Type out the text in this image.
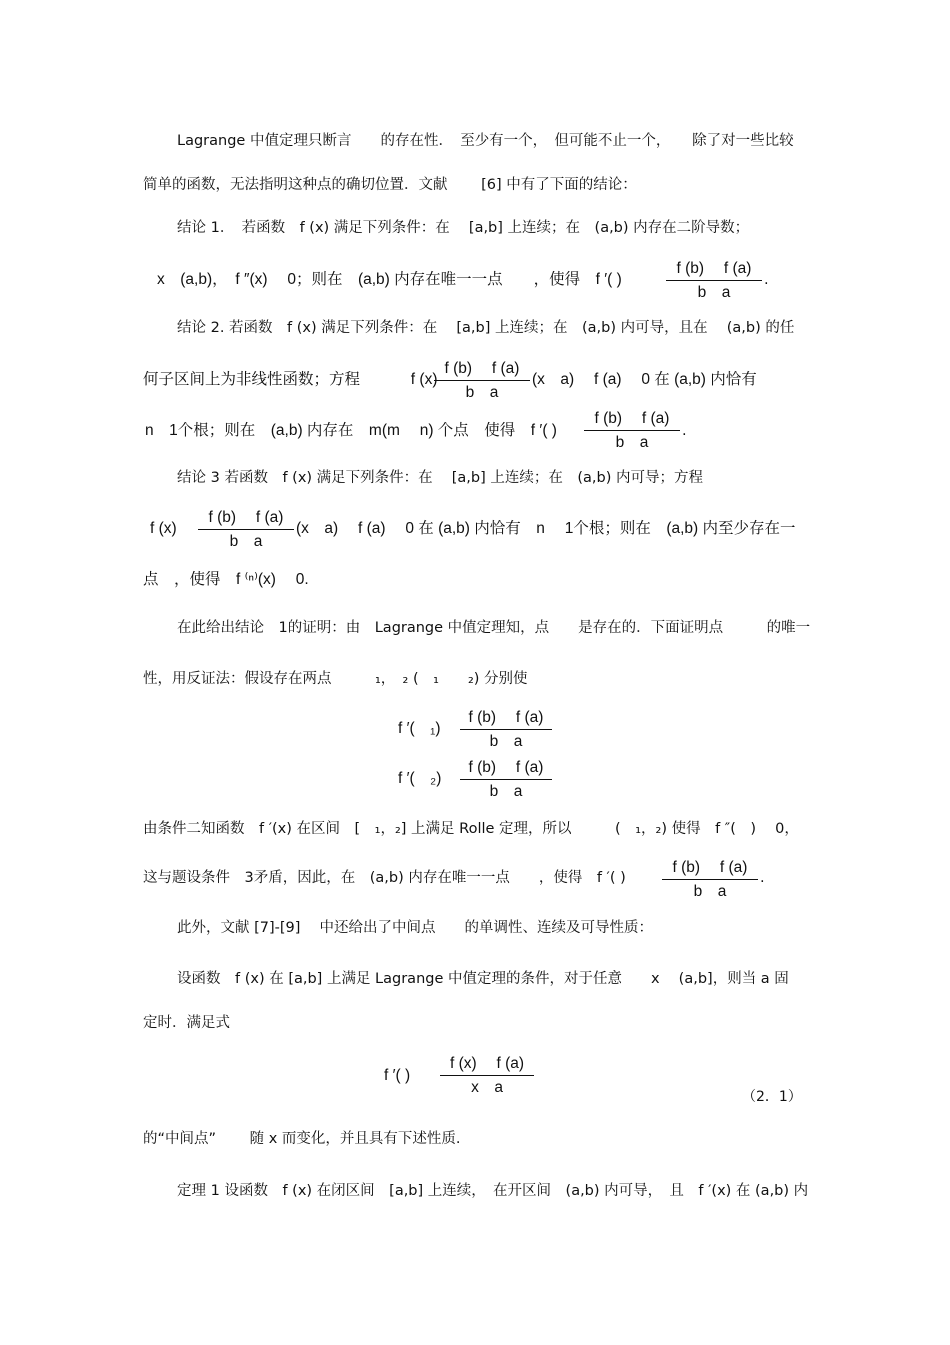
Lagrange 中值定理只断言　　的存在性．　至少有一个，　但可能不止一个，　　除了对一些比较
简单的函数，无法指明这种点的确切位置．文献　　 [6] 中有了下面的结论：
结论 1．　若函数　f (x) 满足下列条件：在　 [a,b] 上连续；在　(a,b) 内存在二阶导数；
x　(a,b)，　f ″(x)　 0；则在　(a,b) 内存在唯一一点　　，使得　f ′( )	$\frac{f (b) f (a)}{\text{b　a}}$ .
结论 2. 若函数　f (x) 满足下列条件：在　 [a,b] 上连续；在　(a,b) 内可导，且在　 (a,b) 的任
何子区间上为非线性函数；方程　　　 f (x)
$\frac{f (b) f (a)}{\text{b　a}} (x$　a)　 f (a)　 0 在 (a,b) 内恰有
n　1个根；则在　(a,b) 内存在　m(m　 n) 个点　使得　f ′( ) $\frac{f (b) f (a)}{\text{b　a}}$ .
结论 3 若函数　f (x) 满足下列条件：在　 [a,b] 上连续；在　(a,b) 内可导；方程
f $(x) \frac{f (b) f (a)}{\text{b　a}} (x$　a)　 f (a)　 0 在 (a,b) 内恰有　n　 1个根；则在　(a,b) 内至少存在一
点　，使得　f ⁽ⁿ⁾(x)　 0.
在此给出结论　1的证明：由　Lagrange 中值定理知，点　　是存在的．下面证明点　　　的唯一
性，用反证法：假设存在两点　　　₁，　₂ (　₁　　₂) 分别使
f ′(　$_1) \frac{f (b) f (a)}{\text{b　a}}$
f ′(　$_2) \frac{f (b) f (a)}{\text{b　a}}$
由条件二知函数　f ′(x) 在区间　[　₁，₂] 上满足 Rolle 定理，所以　　　(　₁，₂) 使得　f ″(　)　 0，
这与题设条件　3矛盾，因此，在　(a,b) 内存在唯一一点　　，使得　f ′( ) $\frac{f (b) f (a)}{\text{b　a}}$ .
此外，文献 [7]-[9]　 中还给出了中间点　　的单调性、连续及可导性质：
设函数　f (x) 在 [a,b] 上满足 Lagrange 中值定理的条件，对于任意　　x　 (a,b]，则当 a 固
定时．满足式
f ′( ) $\frac{f (x) f (a)}{\text{x　a}}$	（2．1）
的“中间点”　　 随 x 而变化，并且具有下述性质.
定理 1 设函数　f (x) 在闭区间　[a,b] 上连续，　在开区间　(a,b) 内可导，　且　f ′(x) 在 (a,b) 内
